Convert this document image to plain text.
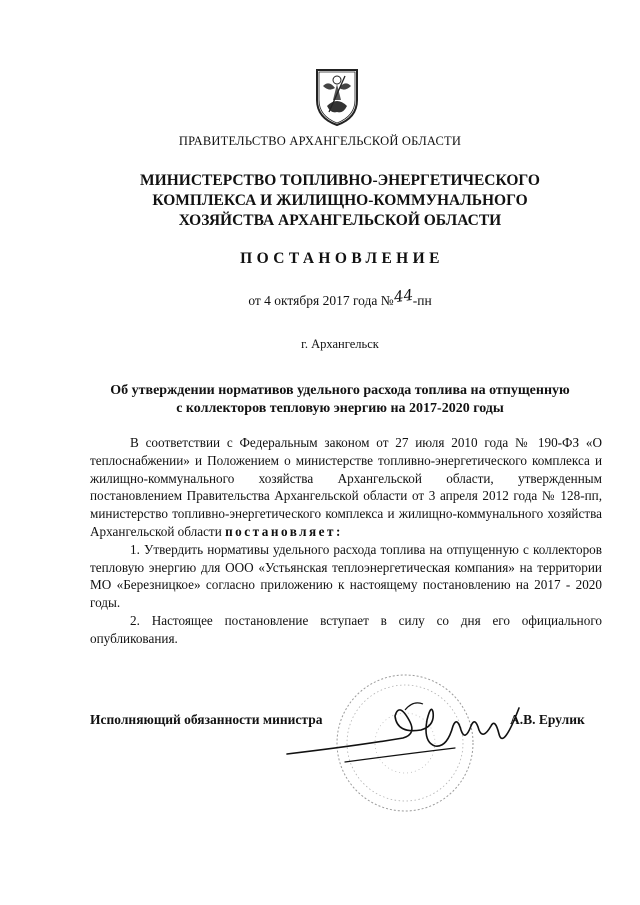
ПРАВИТЕЛЬСТВО АРХАНГЕЛЬСКОЙ ОБЛАСТИ
МИНИСТЕРСТВО ТОПЛИВНО-ЭНЕРГЕТИЧЕСКОГО
КОМПЛЕКСА И ЖИЛИЩНО-КОММУНАЛЬНОГО
ХОЗЯЙСТВА АРХАНГЕЛЬСКОЙ ОБЛАСТИ
ПОСТАНОВЛЕНИЕ
от 4 октября 2017 года №44-пн
г. Архангельск
Об утверждении нормативов удельного расхода топлива на отпущенную
с коллекторов тепловую энергию на 2017-2020 годы

В соответствии с Федеральным законом от 27 июля 2010 года № 190-ФЗ «О теплоснабжении» и Положением о министерстве топливно-энергетического комплекса и жилищно-коммунального хозяйства Архангельской области, утвержденным постановлением Правительства Архангельской области от 3 апреля 2012 года № 128-пп, министерство топливно-энергетического комплекса и жилищно-коммунального хозяйства Архангельской области постановляет:

1. Утвердить нормативы удельного расхода топлива на отпущенную с коллекторов тепловую энергию для ООО «Устьянская теплоэнергетическая компания» на территории МО «Березницкое» согласно приложению к настоящему постановлению на 2017 - 2020 годы.

2. Настоящее постановление вступает в силу со дня его официального опубликования.

Исполняющий обязанности министра	А.В. Ерулик
